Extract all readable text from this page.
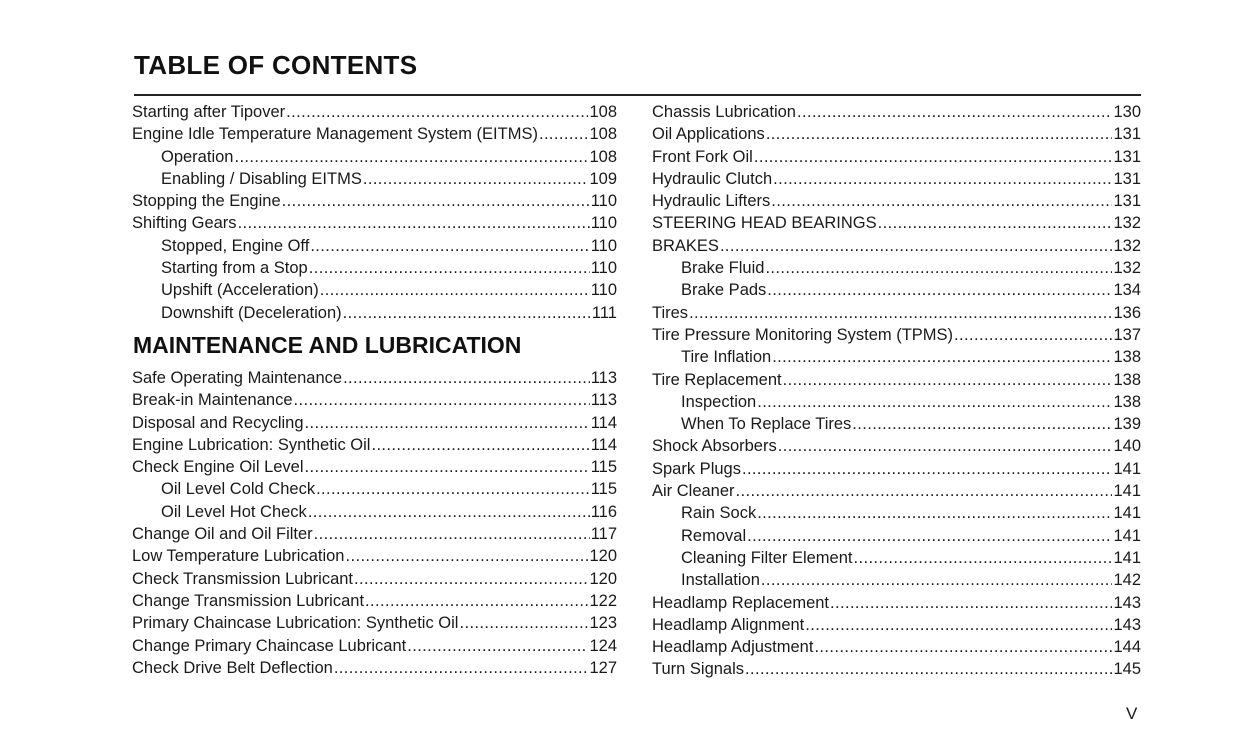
TABLE OF CONTENTS
Starting after Tipover .....	108
Engine Idle Temperature Management System (EITMS) .....	108
Operation .....	108
Enabling / Disabling EITMS .....	109
Stopping the Engine .....	110
Shifting Gears .....	110
Stopped, Engine Off .....	110
Starting from a Stop .....	110
Upshift (Acceleration) .....	110
Downshift (Deceleration) .....	111
MAINTENANCE AND LUBRICATION
Safe Operating Maintenance .....	113
Break-in Maintenance .....	113
Disposal and Recycling .....	114
Engine Lubrication: Synthetic Oil .....	114
Check Engine Oil Level .....	115
Oil Level Cold Check .....	115
Oil Level Hot Check .....	116
Change Oil and Oil Filter .....	117
Low Temperature Lubrication .....	120
Check Transmission Lubricant .....	120
Change Transmission Lubricant .....	122
Primary Chaincase Lubrication: Synthetic Oil .....	123
Change Primary Chaincase Lubricant .....	124
Check Drive Belt Deflection .....	127
Chassis Lubrication .....	130
Oil Applications .....	131
Front Fork Oil .....	131
Hydraulic Clutch .....	131
Hydraulic Lifters .....	131
STEERING HEAD BEARINGS .....	132
BRAKES .....	132
Brake Fluid .....	132
Brake Pads .....	134
Tires .....	136
Tire Pressure Monitoring System (TPMS) .....	137
Tire Inflation .....	138
Tire Replacement .....	138
Inspection .....	138
When To Replace Tires .....	139
Shock Absorbers .....	140
Spark Plugs .....	141
Air Cleaner .....	141
Rain Sock .....	141
Removal .....	141
Cleaning Filter Element .....	141
Installation .....	142
Headlamp Replacement .....	143
Headlamp Alignment .....	143
Headlamp Adjustment .....	144
Turn Signals .....	145
V
